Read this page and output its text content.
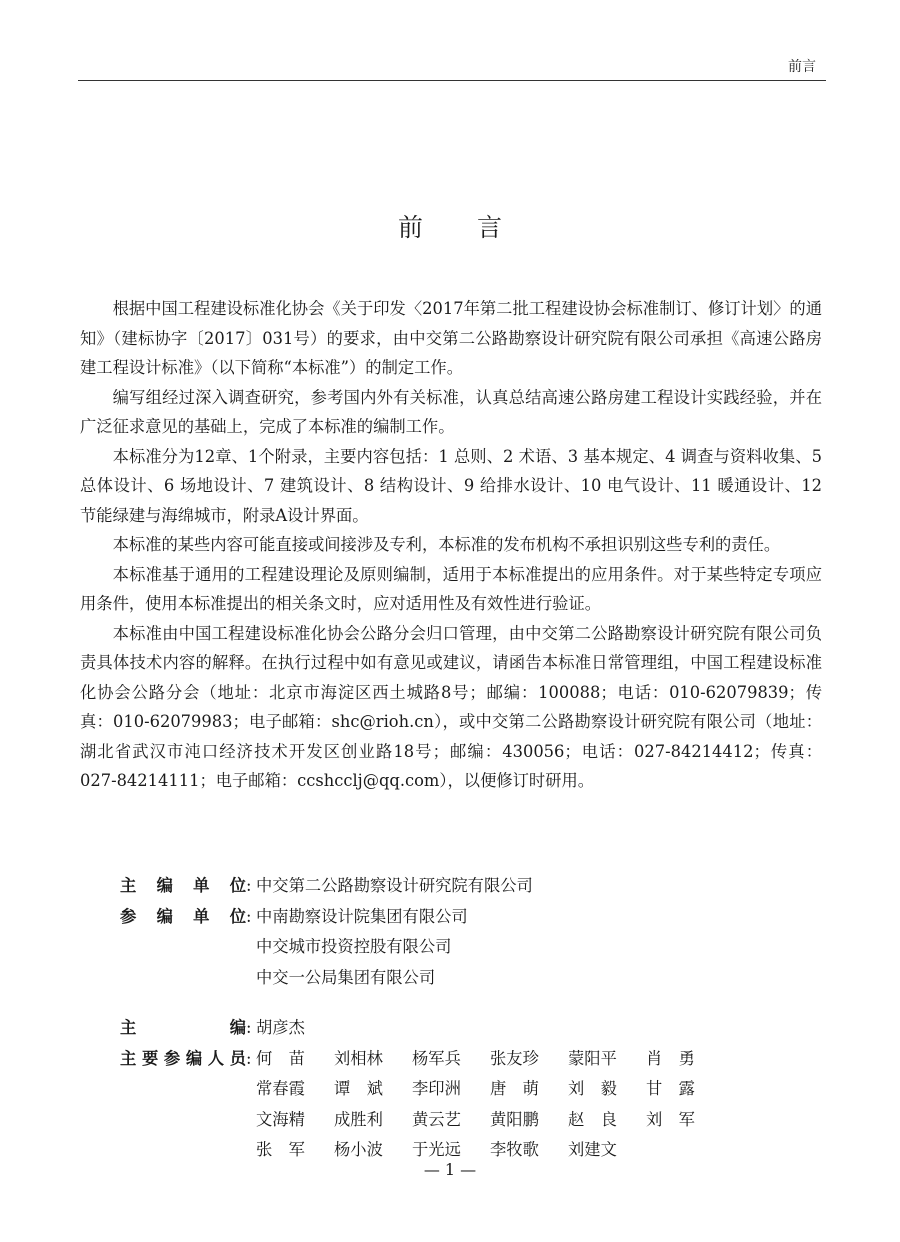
前言
前言

根据中国工程建设标准化协会《关于印发〈2017年第二批工程建设协会标准制订、修订计划〉的通知》（建标协字〔2017〕031号）的要求，由中交第二公路勘察设计研究院有限公司承担《高速公路房建工程设计标准》（以下简称“本标准”）的制定工作。

编写组经过深入调查研究，参考国内外有关标准，认真总结高速公路房建工程设计实践经验，并在广泛征求意见的基础上，完成了本标准的编制工作。

本标准分为12章、1个附录，主要内容包括：1 总则、2 术语、3 基本规定、4 调查与资料收集、5 总体设计、6 场地设计、7 建筑设计、8 结构设计、9 给排水设计、10 电气设计、11 暖通设计、12 节能绿建与海绵城市，附录A设计界面。

本标准的某些内容可能直接或间接涉及专利，本标准的发布机构不承担识别这些专利的责任。

本标准基于通用的工程建设理论及原则编制，适用于本标准提出的应用条件。对于某些特定专项应用条件，使用本标准提出的相关条文时，应对适用性及有效性进行验证。

本标准由中国工程建设标准化协会公路分会归口管理，由中交第二公路勘察设计研究院有限公司负责具体技术内容的解释。在执行过程中如有意见或建议，请函告本标准日常管理组，中国工程建设标准化协会公路分会（地址：北京市海淀区西土城路8号；邮编：100088；电话：010-62079839；传真：010-62079983；电子邮箱：shc@rioh.cn），或中交第二公路勘察设计研究院有限公司（地址：湖北省武汉市沌口经济技术开发区创业路18号；邮编：430056；电话：027-84214412；传真：027-84214111；电子邮箱：ccshcclj@qq.com），以便修订时研用。

主编单位 : 中交第二公路勘察设计研究院有限公司
参编单位 : 中南勘察设计院集团有限公司
中交城市投资控股有限公司
中交一公局集团有限公司
主编 : 胡彦杰
主要参编人员 : 何　苗	刘相林	杨军兵	张友珍	蒙阳平	肖　勇
常春霞	谭　斌	李印洲	唐　萌	刘　毅	甘　露
文海精	成胜利	黄云艺	黄阳鹏	赵　良	刘　军
张　军	杨小波	于光远	李牧歌	刘建文
— 1 —
